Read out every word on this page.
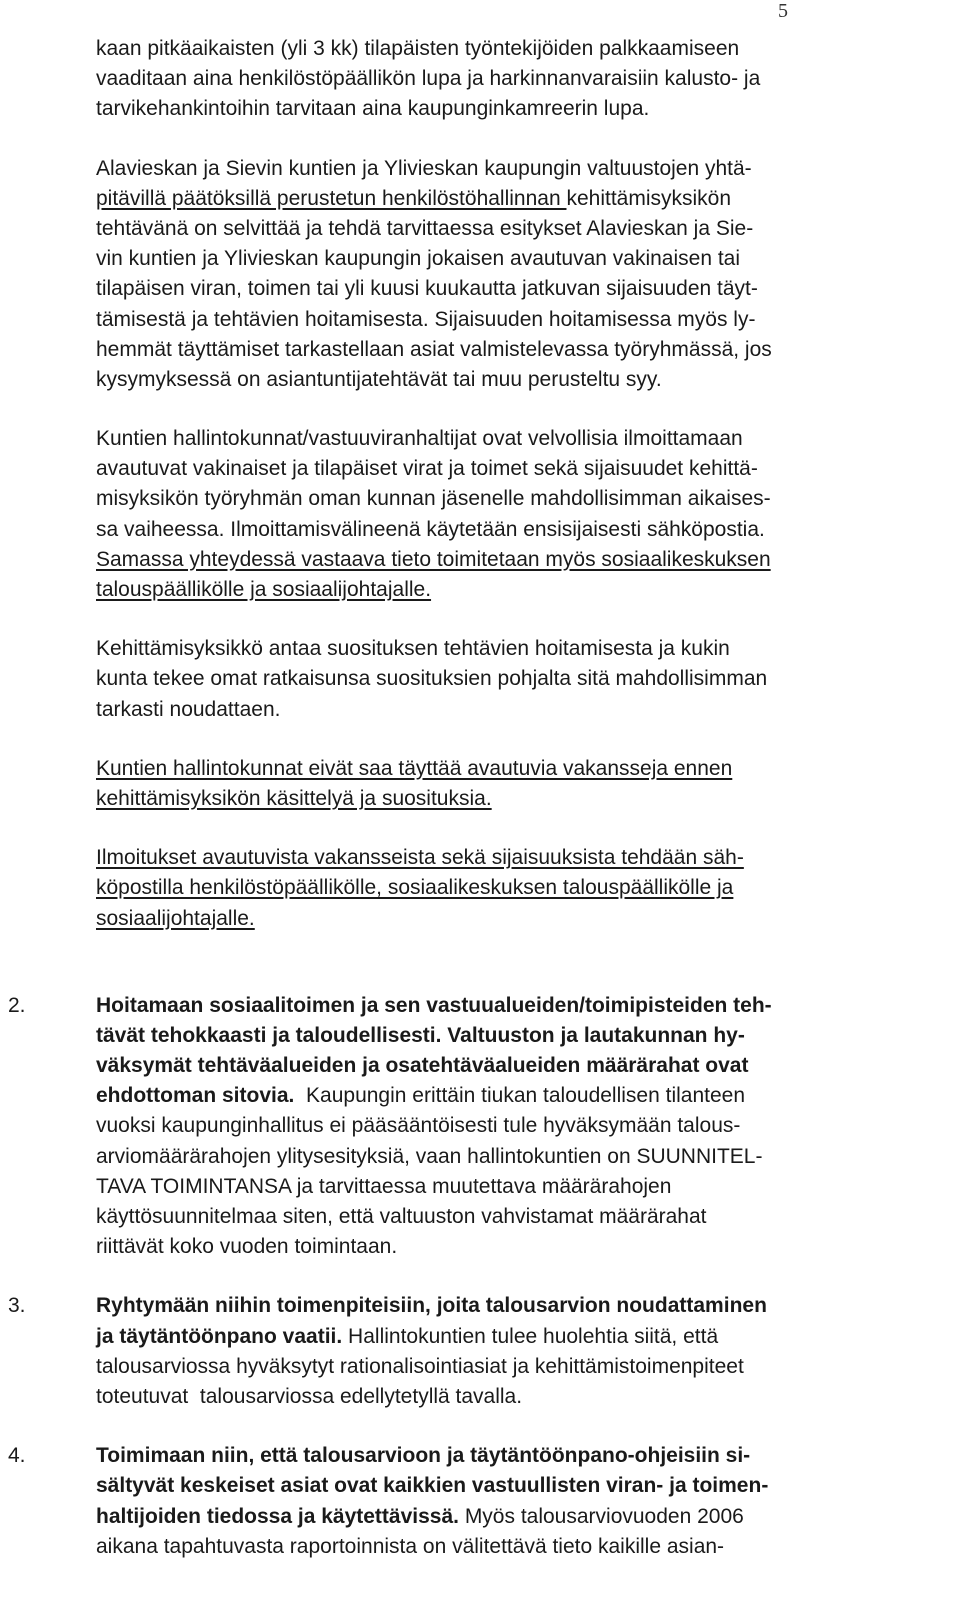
5
kaan pitkäaikaisten (yli 3 kk) tilapäisten työntekijöiden palkkaamiseen
vaaditaan aina henkilöstöpäällikön lupa ja harkinnanvaraisiin kalusto- ja
tarvikehankintoihin tarvitaan aina kaupunginkamreerin lupa.
Alavieskan ja Sievin kuntien ja Ylivieskan kaupungin valtuustojen yhtä-
pitävillä päätöksillä perustetun henkilöstöhallinnan kehittämisyksikön
tehtävänä on selvittää ja tehdä tarvittaessa esitykset Alavieskan ja Sie-
vin kuntien ja Ylivieskan kaupungin jokaisen avautuvan vakinaisen tai
tilapäisen viran, toimen tai yli kuusi kuukautta jatkuvan sijaisuuden täyt-
tämisestä ja tehtävien hoitamisesta. Sijaisuuden hoitamisessa myös ly-
hemmät täyttämiset tarkastellaan asiat valmistelevassa työryhmässä, jos
kysymyksessä on asiantuntijatehtävät tai muu perusteltu syy.
Kuntien hallintokunnat/vastuuviranhaltijat ovat velvollisia ilmoittamaan
avautuvat vakinaiset ja tilapäiset virat ja toimet sekä sijaisuudet kehittä-
misyksikön työryhmän oman kunnan jäsenelle mahdollisimman aikaises-
sa vaiheessa. Ilmoittamisvälineenä käytetään ensisijaisesti sähköpostia.
Samassa yhteydessä vastaava tieto toimitetaan myös sosiaalikeskuksen
talouspäällikölle ja sosiaalijohtajalle.
Kehittämisyksikkö antaa suosituksen tehtävien hoitamisesta ja kukin
kunta tekee omat ratkaisunsa suosituksien pohjalta sitä mahdollisimman
tarkasti noudattaen.
Kuntien hallintokunnat eivät saa täyttää avautuvia vakansseja ennen
kehittämisyksikön käsittelyä ja suosituksia.
Ilmoitukset avautuvista vakansseista sekä sijaisuuksista tehdään säh-
köpostilla henkilöstöpäällikölle, sosiaalikeskuksen talouspäällikölle ja
sosiaalijohtajalle.
2.	Hoitamaan sosiaalitoimen ja sen vastuualueiden/toimipisteiden teh-
tävät tehokkaasti ja taloudellisesti. Valtuuston ja lautakunnan hy-
väksymät tehtäväalueiden ja osatehtäväalueiden määrärahat ovat
ehdottoman sitovia.  Kaupungin erittäin tiukan taloudellisen tilanteen
vuoksi kaupunginhallitus ei pääsääntöisesti tule hyväksymään talous-
arviomäärärahojen ylitysesityksiä, vaan hallintokuntien on SUUNNITEL-
TAVA TOIMINTANSA ja tarvittaessa muutettava määrärahojen
käyttösuunnitelmaa siten, että valtuuston vahvistamat määrärahat
riittävät koko vuoden toimintaan.
3.	Ryhtymään niihin toimenpiteisiin, joita talousarvion noudattaminen
ja täytäntöönpano vaatii. Hallintokuntien tulee huolehtia siitä, että
talousarviossa hyväksytyt rationalisointiasiat ja kehittämistoimenpiteet
toteutuvat  talousarviossa edellytetyllä tavalla.
4.	Toimimaan niin, että talousarvioon ja täytäntöönpano-ohjeisiin si-
sältyvät keskeiset asiat ovat kaikkien vastuullisten viran- ja toimen-
haltijoiden tiedossa ja käytettävissä. Myös talousarviovuoden 2006
aikana tapahtuvasta raportoinnista on välitettävä tieto kaikille asian-
